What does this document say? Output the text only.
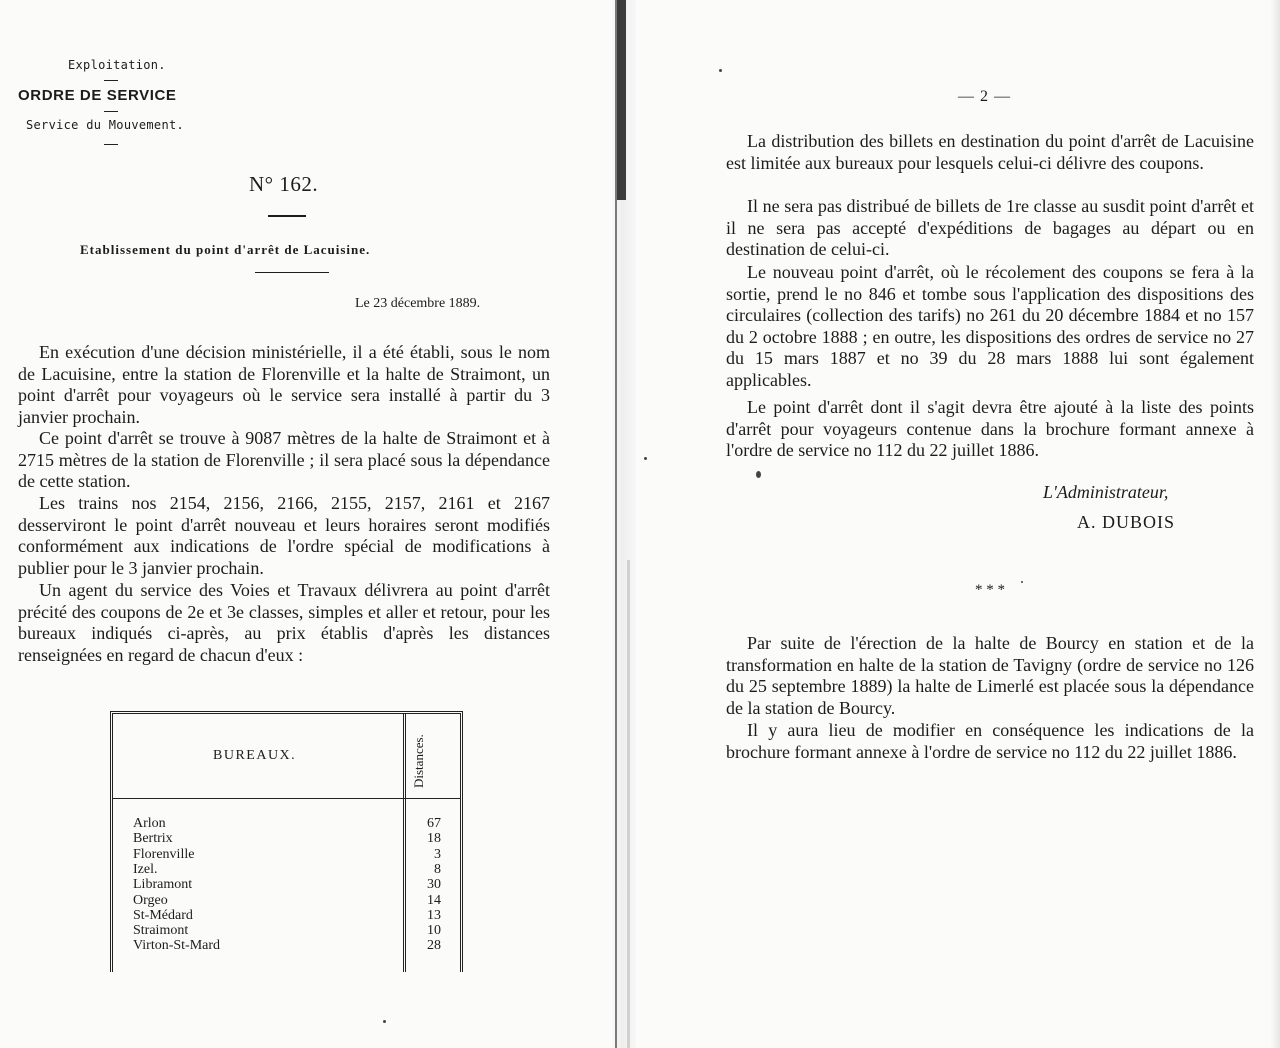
Exploitation.
ORDRE DE SERVICE
Service du Mouvement.
N° 162.
Etablissement du point d'arrêt de Lacuisine.
Le 23 décembre 1889.
En exécution d'une décision ministérielle, il a été établi, sous le nom de Lacuisine, entre la station de Florenville et la halte de Straimont, un point d'arrêt pour voyageurs où le service sera installé à partir du 3 janvier prochain.
Ce point d'arrêt se trouve à 9087 mètres de la halte de Straimont et à 2715 mètres de la station de Florenville ; il sera placé sous la dépendance de cette station.
Les trains nos 2154, 2156, 2166, 2155, 2157, 2161 et 2167 desserviront le point d'arrêt nouveau et leurs horaires seront modifiés conformément aux indications de l'ordre spécial de modifications à publier pour le 3 janvier prochain.
Un agent du service des Voies et Travaux délivrera au point d'arrêt précité des coupons de 2e et 3e classes, simples et aller et retour, pour les bureaux indiqués ci-après, au prix établis d'après les distances renseignées en regard de chacun d'eux :
BUREAUX.	Distances.
Arlon	67
Bertrix	18
Florenville	3
Izel.	8
Libramont	30
Orgeo	14
St-Médard	13
Straimont	10
Virton-St-Mard	28
— 2 —
La distribution des billets en destination du point d'arrêt de Lacuisine est limitée aux bureaux pour lesquels celui-ci délivre des coupons.
Il ne sera pas distribué de billets de 1re classe au susdit point d'arrêt et il ne sera pas accepté d'expéditions de bagages au départ ou en destination de celui-ci.
Le nouveau point d'arrêt, où le récolement des coupons se fera à la sortie, prend le no 846 et tombe sous l'application des dispositions des circulaires (collection des tarifs) no 261 du 20 décembre 1884 et no 157 du 2 octobre 1888 ; en outre, les dispositions des ordres de service no 27 du 15 mars 1887 et no 39 du 28 mars 1888 lui sont également applicables.
Le point d'arrêt dont il s'agit devra être ajouté à la liste des points d'arrêt pour voyageurs contenue dans la brochure formant annexe à l'ordre de service no 112 du 22 juillet 1886.
L'Administrateur,
A. DUBOIS
* * *
Par suite de l'érection de la halte de Bourcy en station et de la transformation en halte de la station de Tavigny (ordre de service no 126 du 25 septembre 1889) la halte de Limerlé est placée sous la dépendance de la station de Bourcy.
Il y aura lieu de modifier en conséquence les indications de la brochure formant annexe à l'ordre de service no 112 du 22 juillet 1886.
